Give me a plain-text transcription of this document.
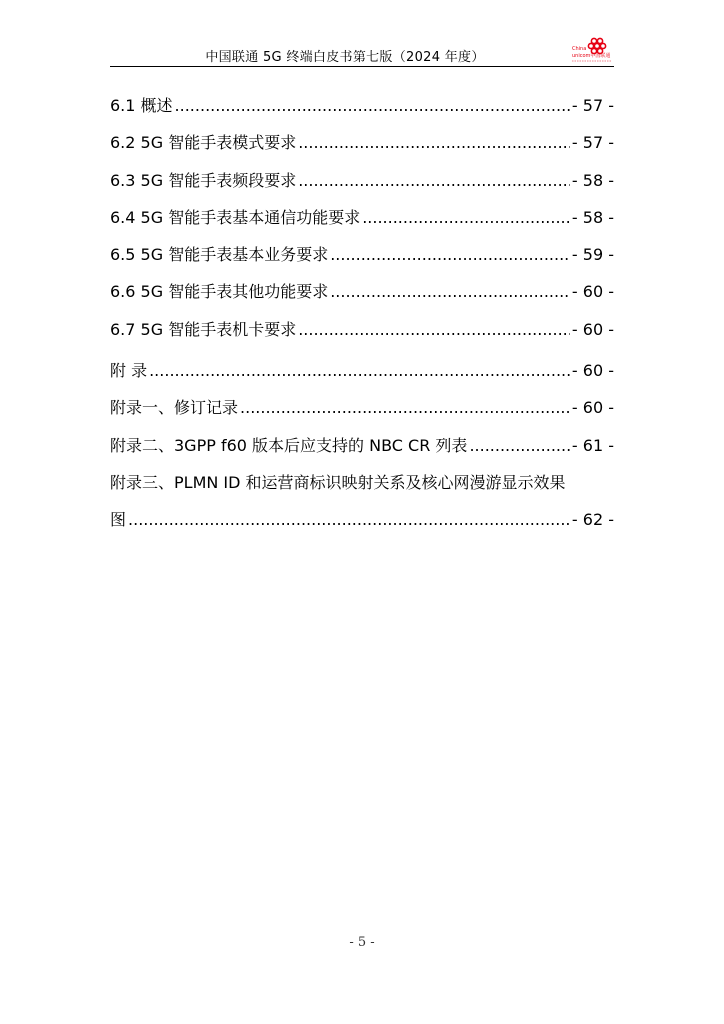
中国联通 5G 终端白皮书第七版（2024 年度）
China
unicom中国联通
6.1 概述 .....	- 57 -
6.2 5G 智能手表模式要求 .....	- 57 -
6.3 5G 智能手表频段要求 .....	- 58 -
6.4 5G 智能手表基本通信功能要求 .....	- 58 -
6.5 5G 智能手表基本业务要求 .....	- 59 -
6.6 5G 智能手表其他功能要求 .....	- 60 -
6.7 5G 智能手表机卡要求 .....	- 60 -
附 录 .....	- 60 -
附录一、修订记录 .....	- 60 -
附录二、3GPP f60 版本后应支持的 NBC CR 列表 .....	- 61 -
附录三、PLMN ID 和运营商标识映射关系及核心网漫游显示效果
图 .....	- 62 -
- 5 -
